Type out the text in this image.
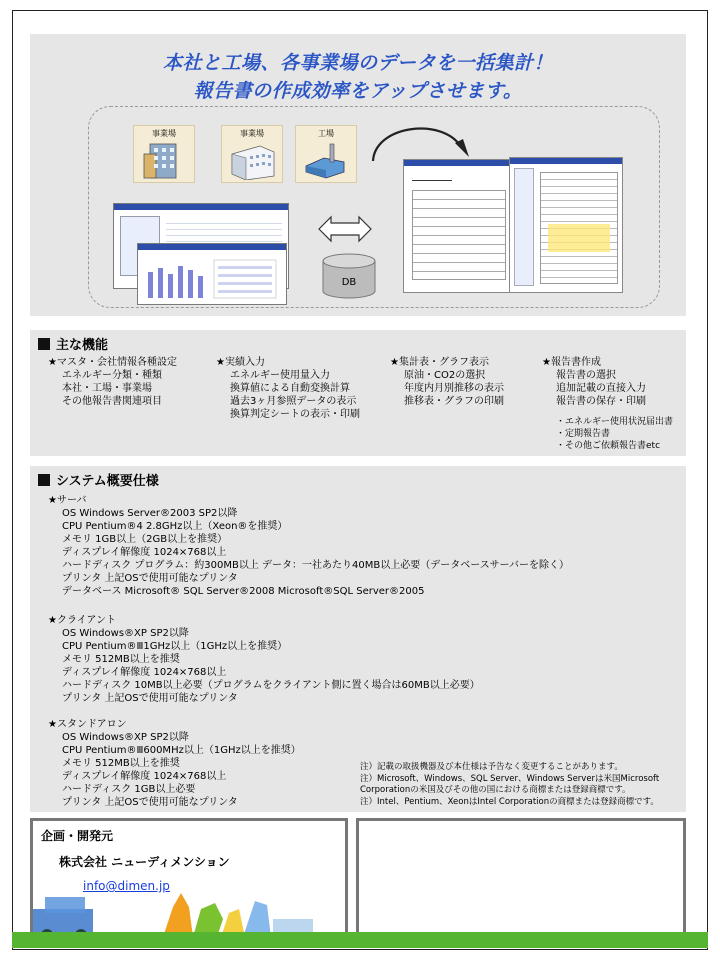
本社と工場、各事業場のデータを一括集計！
報告書の作成効率をアップさせます。
事業場	事業場	工場
DB
主な機能
★マスタ・会社情報各種設定
エネルギー分類・種類
本社・工場・事業場
その他報告書関連項目
★実績入力
エネルギー使用量入力
換算値による自動変換計算
過去3ヶ月参照データの表示
換算判定シートの表示・印刷
★集計表・グラフ表示
原油・CO2の選択
年度内月別推移の表示
推移表・グラフの印刷
★報告書作成
報告書の選択
追加記載の直接入力
報告書の保存・印刷
・エネルギー使用状況届出書
・定期報告書
・その他ご依頼報告書etc
システム概要仕様
★サーバ
OS Windows Server®2003 SP2以降
CPU Pentium®4 2.8GHz以上（Xeon®を推奨）
メモリ 1GB以上（2GB以上を推奨）
ディスプレイ解像度 1024×768以上
ハードディスク プログラム：約300MB以上 データ：一社あたり40MB以上必要（データベースサーバーを除く）
プリンタ 上記OSで使用可能なプリンタ
データベース Microsoft® SQL Server®2008 Microsoft®SQL Server®2005
★クライアント
OS Windows®XP SP2以降
CPU Pentium®Ⅲ1GHz以上（1GHz以上を推奨）
メモリ 512MB以上を推奨
ディスプレイ解像度 1024×768以上
ハードディスク 10MB以上必要（プログラムをクライアント側に置く場合は60MB以上必要）
プリンタ 上記OSで使用可能なプリンタ
★スタンドアロン
OS Windows®XP SP2以降
CPU Pentium®Ⅲ600MHz以上（1GHz以上を推奨）
メモリ 512MB以上を推奨
ディスプレイ解像度 1024×768以上
ハードディスク 1GB以上必要
プリンタ 上記OSで使用可能なプリンタ
注）記載の取扱機器及び本仕様は予告なく変更することがあります。
注）Microsoft、Windows、SQL Server、Windows Serverは米国Microsoft
Corporationの米国及びその他の国における商標または登録商標です。
注）Intel、Pentium、XeonはIntel Corporationの商標または登録商標です。
企画・開発元
株式会社 ニューディメンション
info@dimen.jp
